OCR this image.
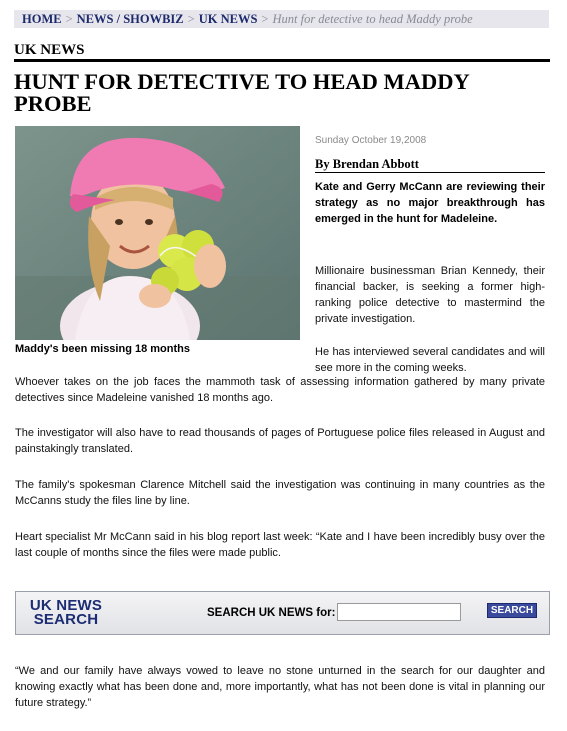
HOME > NEWS / SHOWBIZ > UK NEWS > Hunt for detective to head Maddy probe
UK NEWS
HUNT FOR DETECTIVE TO HEAD MADDY PROBE
Maddy's been missing 18 months
Sunday October 19,2008
By Brendan Abbott

Kate and Gerry McCann are reviewing their strategy as no major breakthrough has emerged in the hunt for Madeleine.

Millionaire businessman Brian Kennedy, their financial backer, is seeking a former high-ranking police detective to mastermind the private investigation.

He has interviewed several candidates and will see more in the coming weeks.

Whoever takes on the job faces the mammoth task of assessing information gathered by many private detectives since Madeleine vanished 18 months ago.

The investigator will also have to read thousands of pages of Portuguese police files released in August and painstakingly translated.

The family's spokesman Clarence Mitchell said the investigation was continuing in many countries as the McCanns study the files line by line.

Heart specialist Mr McCann said in his blog report last week: “Kate and I have been incredibly busy over the last couple of months since the files were made public.

UK NEWS
SEARCH	SEARCH UK NEWS for:	SEARCH

“We and our family have always vowed to leave no stone unturned in the search for our daughter and knowing exactly what has been done and, more importantly, what has not been done is vital in planning our future strategy.”
